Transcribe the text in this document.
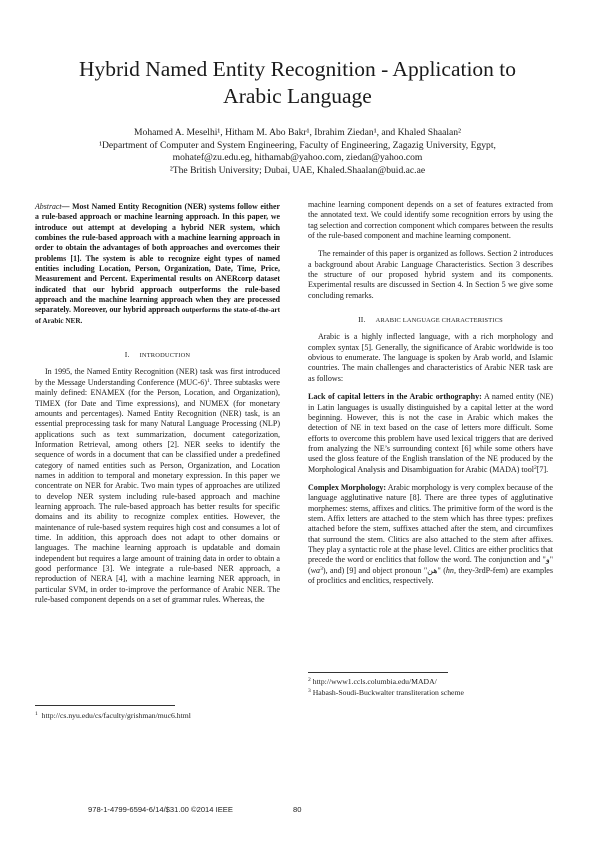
Hybrid Named Entity Recognition - Application to Arabic Language
Mohamed A. Meselhi¹, Hitham M. Abo Bakr¹, Ibrahim Ziedan¹, and Khaled Shaalan²
¹Department of Computer and System Engineering, Faculty of Engineering, Zagazig University, Egypt,
mohatef@zu.edu.eg, hithamab@yahoo.com, ziedan@yahoo.com
²The British University; Dubai, UAE, Khaled.Shaalan@buid.ac.ae

Abstract— Most Named Entity Recognition (NER) systems follow either a rule-based approach or machine learning approach. In this paper, we introduce out attempt at developing a hybrid NER system, which combines the rule-based approach with a machine learning approach in order to obtain the advantages of both approaches and overcomes their problems [1]. The system is able to recognize eight types of named entities including Location, Person, Organization, Date, Time, Price, Measurement and Percent. Experimental results on ANERcorp dataset indicated that our hybrid approach outperforms the rule-based approach and the machine learning approach when they are processed separately. Moreover, our hybrid approach outperforms the state-of-the-art of Arabic NER.

I. INTRODUCTION

In 1995, the Named Entity Recognition (NER) task was first introduced by the Message Understanding Conference $(MUC-6)^1$. Three subtasks were mainly defined: ENAMEX (for the Person, Location, and Organization), TIMEX (for Date and Time expressions), and NUMEX (for monetary amounts and percentages). Named Entity Recognition (NER) task, is an essential preprocessing task for many Natural Language Processing (NLP) applications such as text summarization, document categorization, Information Retrieval, among others [2]. NER seeks to identify the sequence of words in a document that can be classified under a predefined category of named entities such as Person, Organization, and Location names in addition to temporal and monetary expression. In this paper we concentrate on NER for Arabic. Two main types of approaches are utilized to develop NER system including rule-based approach and machine learning approach. The rule-based approach has better results for specific domains and its ability to recognize complex entities. However, the maintenance of rule-based system requires high cost and consumes a lot of time. In addition, this approach does not adapt to other domains or languages. The machine learning approach is updatable and domain independent but requires a large amount of training data in order to obtain a good performance [3]. We integrate a rule-based NER approach, a reproduction of NERA [4], with a machine learning NER approach, in particular SVM, in order to-improve the performance of Arabic NER. The rule-based component depends on a set of grammar rules. Whereas, the

$^1$ http://cs.nyu.edu/cs/faculty/grishman/muc6.html

machine learning component depends on a set of features extracted from the annotated text. We could identify some recognition errors by using the tag selection and correction component which compares between the results of the rule-based component and machine learning component.

The remainder of this paper is organized as follows. Section 2 introduces a background about Arabic Language Characteristics. Section 3 describes the structure of our proposed hybrid system and its components. Experimental results are discussed in Section 4. In Section 5 we give some concluding remarks.

II. ARABIC LANGUAGE CHARACTERISTICS

Arabic is a highly inflected language, with a rich morphology and complex syntax [5]. Generally, the significance of Arabic worldwide is too obvious to enumerate. The language is spoken by Arab world, and Islamic countries. The main challenges and characteristics of Arabic NER task are as follows:

Lack of capital letters in the Arabic orthography: A named entity (NE) in Latin languages is usually distinguished by a capital letter at the word beginning. However, this is not the case in Arabic which makes the detection of NE in text based on the case of letters more difficult. Some efforts to overcome this problem have used lexical triggers that are derived from analyzing the NE’s surrounding context [6] while some others have used the gloss feature of the English translation of the NE produced by the Morphological Analysis and Disambiguation for Arabic (MADA) tool$^2$[7].

Complex Morphology: Arabic morphology is very complex because of the language agglutinative nature [8]. There are three types of agglutinative morphemes: stems, affixes and clitics. The primitive form of the word is the stem. Affix letters are attached to the stem which has three types: prefixes attached before the stem, suffixes attached after the stem, and circumfixes that surround the stem. Clitics are also attached to the stem after affixes. They play a syntactic role at the phase level. Clitics are either proclitics that precede the word or enclitics that follow the word. The conjunction and "و" $(wa^3)$, and) [9] and object pronoun "هن" (hn, they-3rdP-fem) are examples of proclitics and enclitics, respectively.

$^2$ http://www1.ccls.columbia.edu/MADA/
$^3$ Habash-Soudi-Buckwalter transliteration scheme
978-1-4799-6594-6/14/$31.00 ©2014 IEEE	80
